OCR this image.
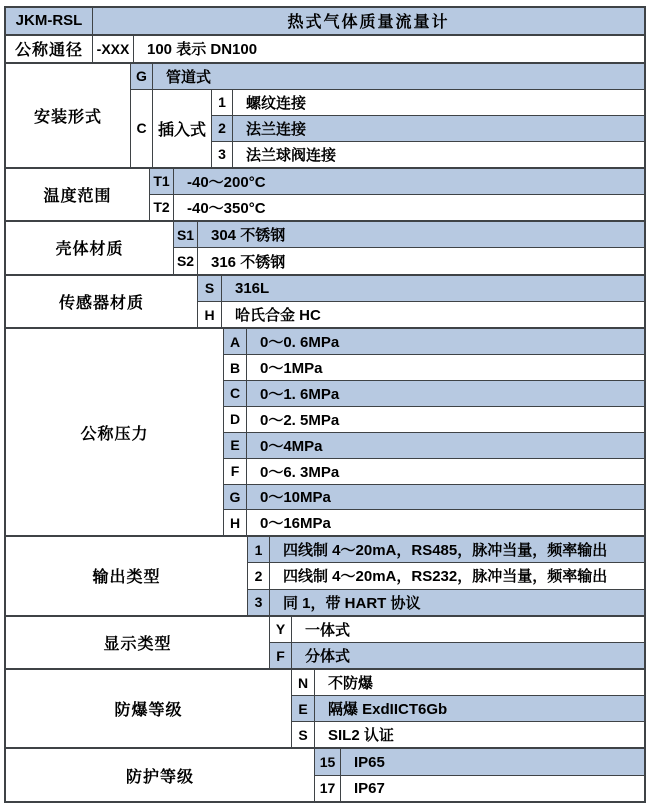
JKM-RSL	热式气体质量流量计
公称通径 -XXX	100 表示 DN100
安装形式
G	管道式
C 插入式
1	螺纹连接
2	法兰连接
3	法兰球阀连接
温度范围
T1	-40～200°C
T2	-40～350°C
壳体材质
S1	304 不锈钢
S2	316 不锈钢
传感器材质
S	316L
H	哈氏合金 HC
公称压力
A	0～0. 6MPa
B	0～1MPa
C	0～1. 6MPa
D	0～2. 5MPa
E	0～4MPa
F	0～6. 3MPa
G	0～10MPa
H	0～16MPa
输出类型
1	四线制 4～20mA，RS485，脉冲当量，频率输出
2	四线制 4～20mA，RS232，脉冲当量，频率输出
3	同 1，带 HART 协议
显示类型
Y	一体式
F	分体式
防爆等级
N	不防爆
E	隔爆 ExdIICT6Gb
S	SIL2 认证
防护等级
15	IP65
17	IP67
